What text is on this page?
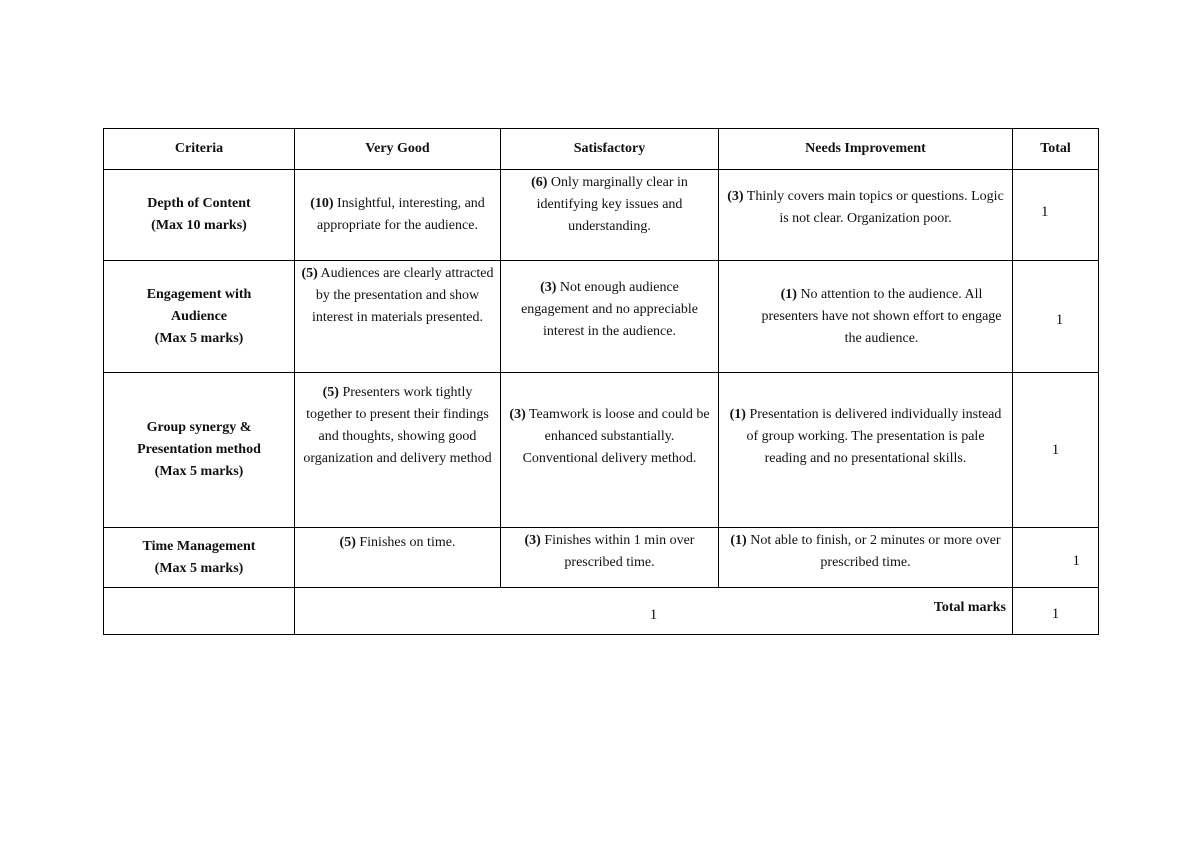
Criteria	Very Good	Satisfactory	Needs Improvement	Total

Depth of Content
(Max 10 marks)	(10) Insightful, interesting, and appropriate for the audience.	(6) Only marginally clear in identifying key issues and understanding.	(3) Thinly covers main topics or questions. Logic is not clear. Organization poor.	1

Engagement with
Audience
(Max 5 marks)	(5) Audiences are clearly attracted by the presentation and show interest in materials presented.	(3) Not enough audience engagement and no appreciable interest in the audience.	(1) No attention to the audience. All presenters have not shown effort to engage the audience.	1

Group synergy &
Presentation method
(Max 5 marks)	(5) Presenters work tightly together to present their findings and thoughts, showing good organization and delivery method	(3) Teamwork is loose and could be enhanced substantially. Conventional delivery method.	(1) Presentation is delivered individually instead of group working. The presentation is pale reading and no presentational skills.	1

Time Management
(Max 5 marks)	(5) Finishes on time.	(3) Finishes within 1 min over prescribed time.	(1) Not able to finish, or 2 minutes or more over prescribed time.	1

	1 Total marks			1
